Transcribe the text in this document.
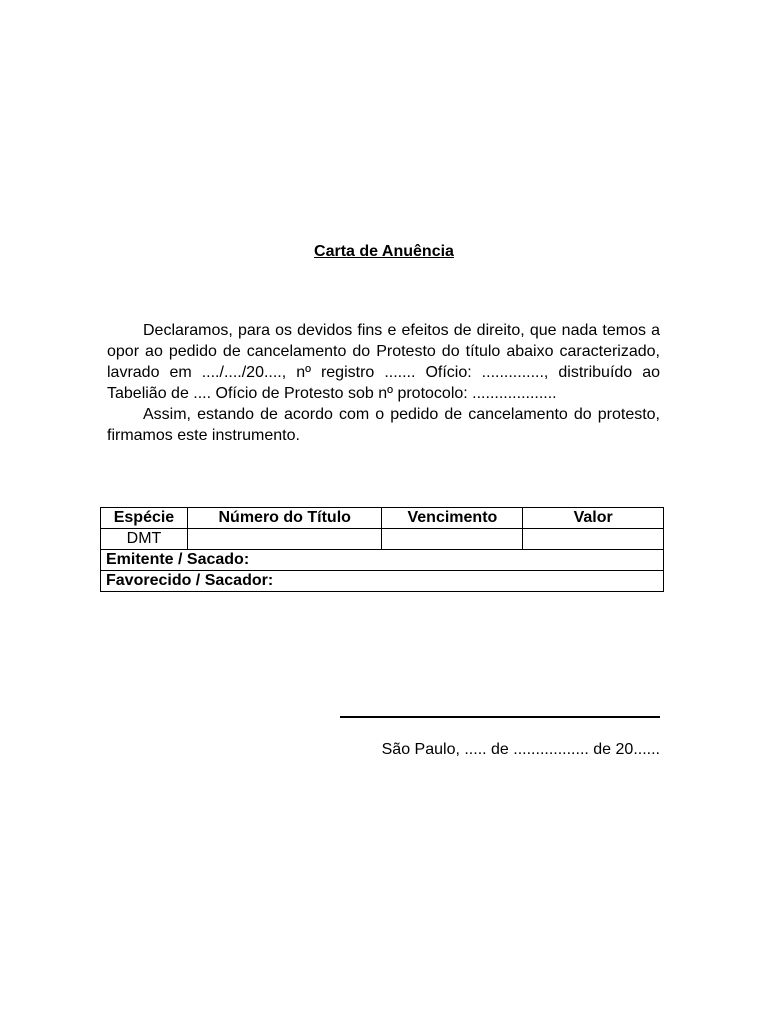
Carta de Anuência

Declaramos, para os devidos fins e efeitos de direito, que nada temos a opor ao pedido de cancelamento do Protesto do título abaixo caracterizado, lavrado em ..../..../20...., nº registro ....... Ofício: .............., distribuído ao Tabelião de .... Ofício de Protesto sob nº protocolo: ...................

Assim, estando de acordo com o pedido de cancelamento do protesto, firmamos este instrumento.

Espécie	Número do Título	Vencimento	Valor
DMT			
Emitente / Sacado:			
Favorecido / Sacador:			
São Paulo, ..... de ................. de 20......
